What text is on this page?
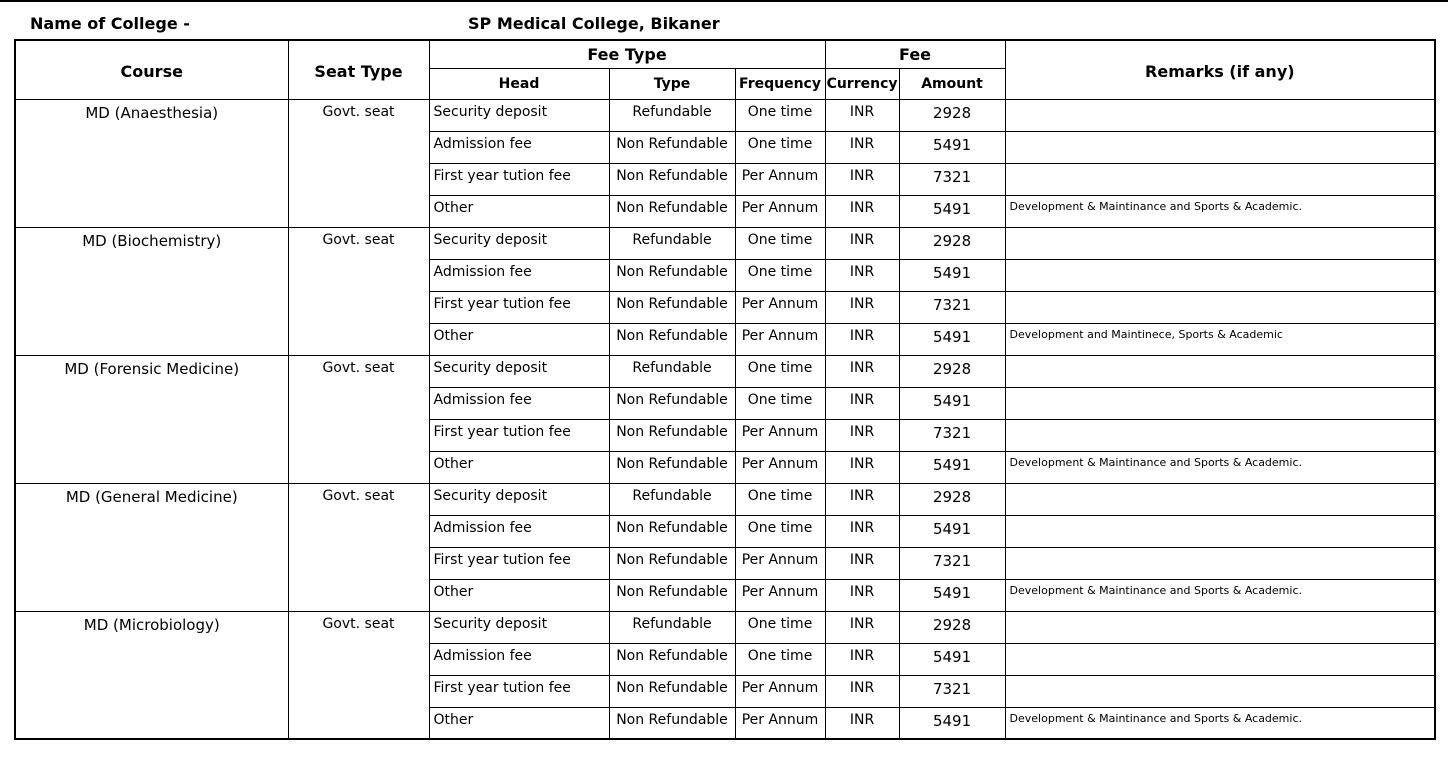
Name of College -	SP Medical College, Bikaner
Course	Seat Type	Fee Type			Fee		Remarks (if any)
		Head	Type	Frequency	Currency	Amount	
MD (Anaesthesia)	Govt. seat	Security deposit	Refundable	One time	INR	2928	
		Admission fee	Non Refundable	One time	INR	5491	
		First year tution fee	Non Refundable	Per Annum	INR	7321	
		Other	Non Refundable	Per Annum	INR	5491	Development & Maintinance and Sports & Academic.
MD (Biochemistry)	Govt. seat	Security deposit	Refundable	One time	INR	2928	
		Admission fee	Non Refundable	One time	INR	5491	
		First year tution fee	Non Refundable	Per Annum	INR	7321	
		Other	Non Refundable	Per Annum	INR	5491	Development and Maintinece, Sports & Academic
MD (Forensic Medicine)	Govt. seat	Security deposit	Refundable	One time	INR	2928	
		Admission fee	Non Refundable	One time	INR	5491	
		First year tution fee	Non Refundable	Per Annum	INR	7321	
		Other	Non Refundable	Per Annum	INR	5491	Development & Maintinance and Sports & Academic.
MD (General Medicine)	Govt. seat	Security deposit	Refundable	One time	INR	2928	
		Admission fee	Non Refundable	One time	INR	5491	
		First year tution fee	Non Refundable	Per Annum	INR	7321	
		Other	Non Refundable	Per Annum	INR	5491	Development & Maintinance and Sports & Academic.
MD (Microbiology)	Govt. seat	Security deposit	Refundable	One time	INR	2928	
		Admission fee	Non Refundable	One time	INR	5491	
		First year tution fee	Non Refundable	Per Annum	INR	7321	
		Other	Non Refundable	Per Annum	INR	5491	Development & Maintinance and Sports & Academic.
